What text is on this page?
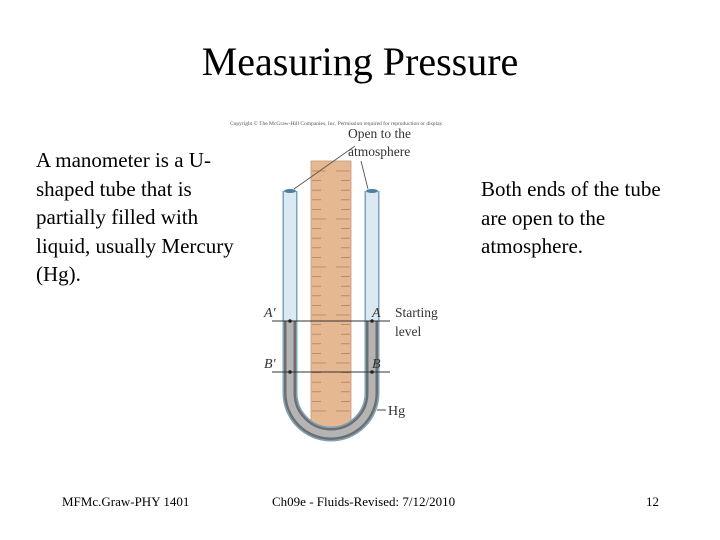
Measuring Pressure
A manometer is a U-shaped tube that is partially filled with liquid, usually Mercury (Hg).
Both ends of the tube are open to the atmosphere.
Copyright © The McGraw-Hill Companies, Inc. Permission required for reproduction or display.
Open to the
atmosphere
A′	A Starting
level
B′	B
Hg
MFMc.Graw-PHY 1401	Ch09e - Fluids-Revised: 7/12/2010	12
